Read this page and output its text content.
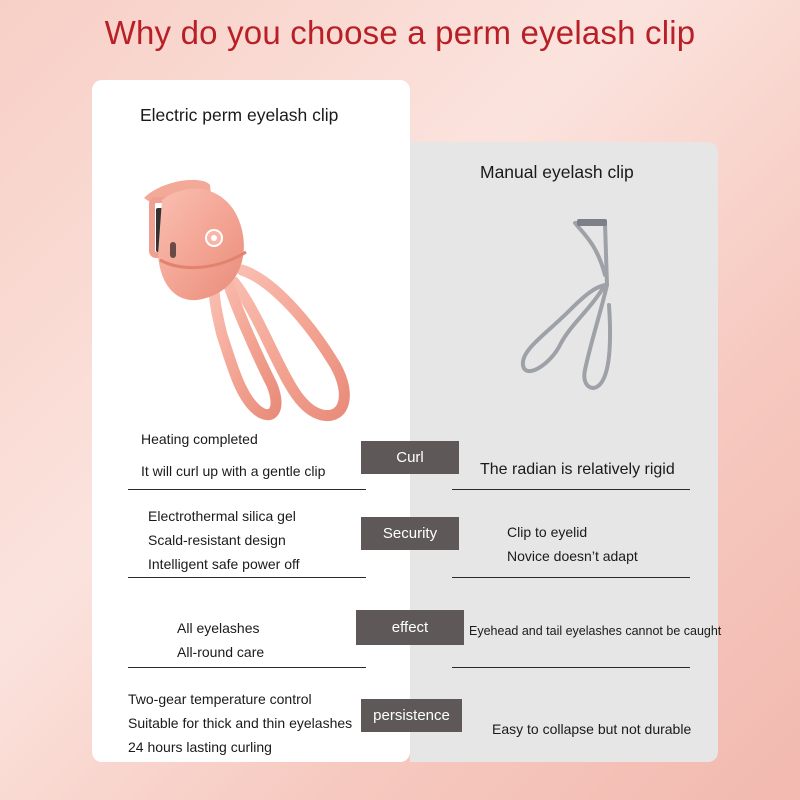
Why do you choose a perm eyelash clip
Electric perm eyelash clip
Manual eyelash clip
Heating completed
It will curl up with a gentle clip
Curl
The radian is relatively rigid
Electrothermal silica gel
Scald-resistant design
Intelligent safe power off
Security	Clip to eyelid
Novice doesn’t adapt
All eyelashes
All-round care
effect	Eyehead and tail eyelashes cannot be caught
Two-gear temperature control
Suitable for thick and thin eyelashes
24 hours lasting curling
persistence
Easy to collapse but not durable
